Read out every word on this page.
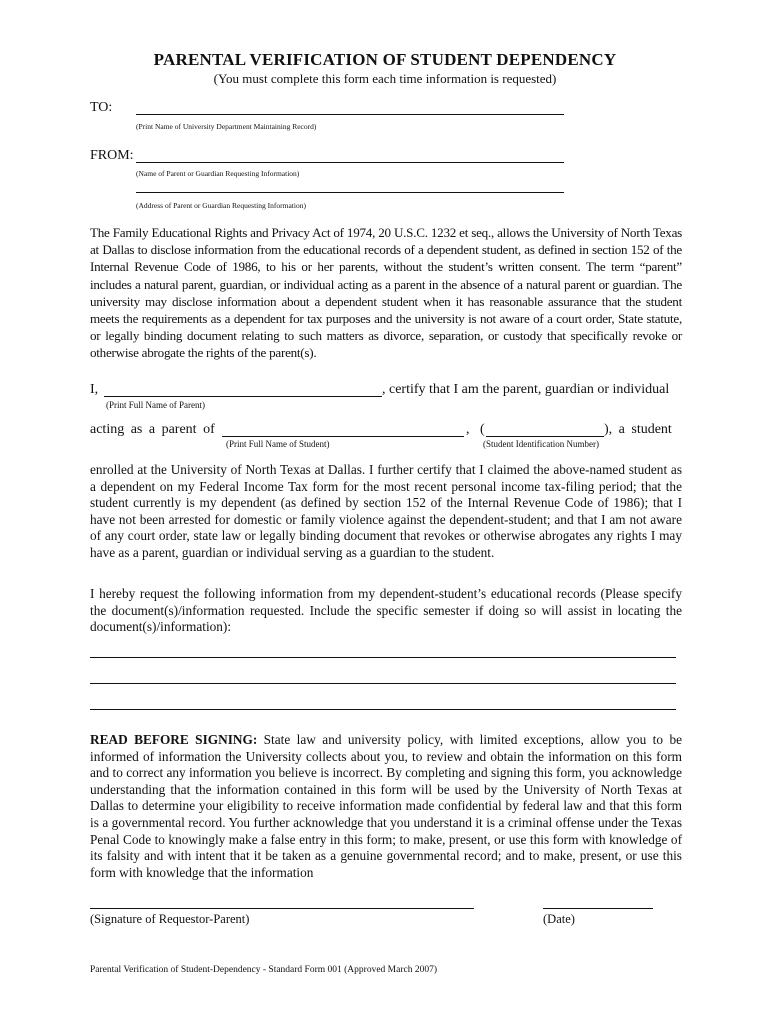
PARENTAL VERIFICATION OF STUDENT DEPENDENCY
(You must complete this form each time information is requested)
TO:
(Print Name of University Department Maintaining Record)
FROM:
(Name of Parent or Guardian Requesting Information)
(Address of Parent or Guardian Requesting Information)
The Family Educational Rights and Privacy Act of 1974, 20 U.S.C. 1232 et seq., allows the University of North Texas at Dallas to disclose information from the educational records of a dependent student, as defined in section 152 of the Internal Revenue Code of 1986, to his or her parents, without the student’s written consent. The term “parent” includes a natural parent, guardian, or individual acting as a parent in the absence of a natural parent or guardian. The university may disclose information about a dependent student when it has reasonable assurance that the student meets the requirements as a dependent for tax purposes and the university is not aware of a court order, State statute, or legally binding document relating to such matters as divorce, separation, or custody that specifically revoke or otherwise abrogate the rights of the parent(s).
I,	, certify that I am the parent, guardian or individual
(Print Full Name of Parent)
acting as a parent of	, (	), a student
(Print Full Name of Student)	(Student Identification Number)
enrolled at the University of North Texas at Dallas. I further certify that I claimed the above-named student as a dependent on my Federal Income Tax form for the most recent personal income tax-filing period; that the student currently is my dependent (as defined by section 152 of the Internal Revenue Code of 1986); that I have not been arrested for domestic or family violence against the dependent-student; and that I am not aware of any court order, state law or legally binding document that revokes or otherwise abrogates any rights I may have as a parent, guardian or individual serving as a guardian to the student.
I hereby request the following information from my dependent-student’s educational records (Please specify the document(s)/information requested. Include the specific semester if doing so will assist in locating the document(s)/information):
READ BEFORE SIGNING: State law and university policy, with limited exceptions, allow you to be informed of information the University collects about you, to review and obtain the information on this form and to correct any information you believe is incorrect. By completing and signing this form, you acknowledge understanding that the information contained in this form will be used by the University of North Texas at Dallas to determine your eligibility to receive information made confidential by federal law and that this form is a governmental record. You further acknowledge that you understand it is a criminal offense under the Texas Penal Code to knowingly make a false entry in this form; to make, present, or use this form with knowledge of its falsity and with intent that it be taken as a genuine governmental record; and to make, present, or use this form with knowledge that the information
(Signature of Requestor-Parent)	(Date)
Parental Verification of Student-Dependency - Standard Form 001 (Approved March 2007)
